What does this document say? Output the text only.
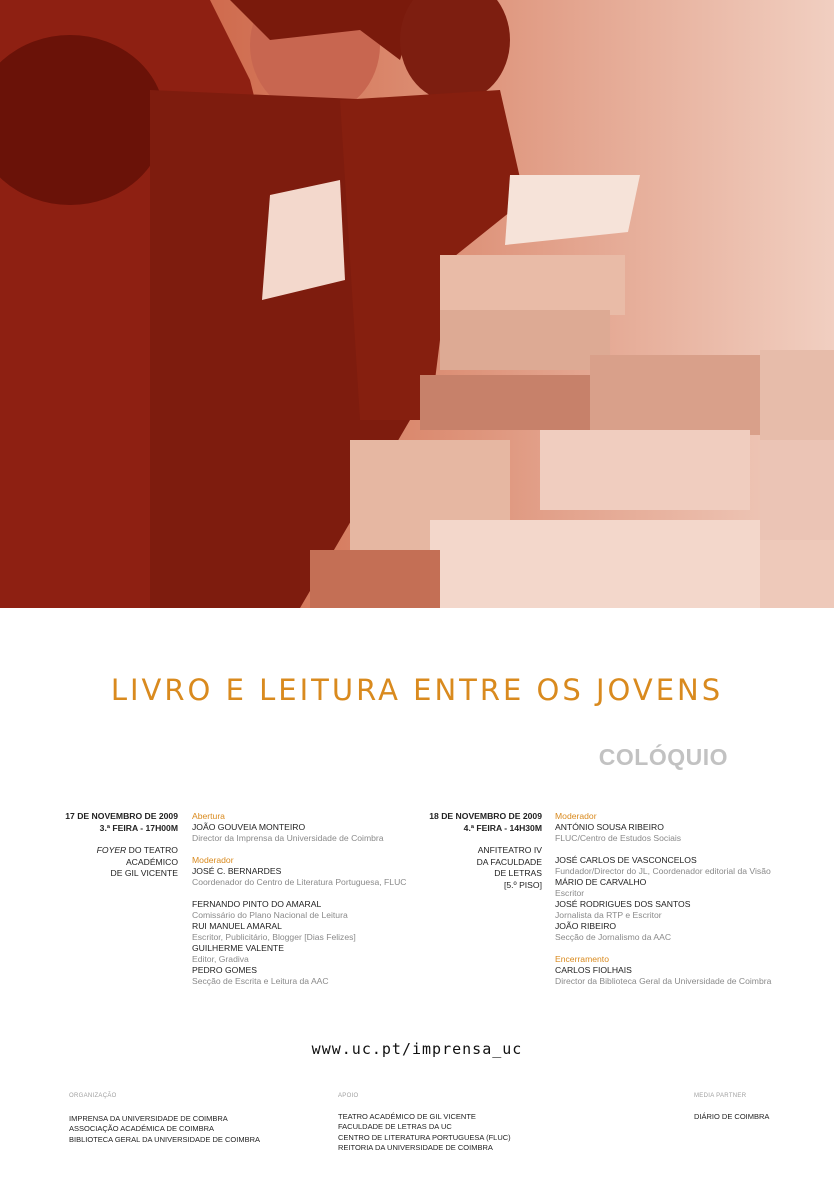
LIVRO E LEITURA ENTRE OS JOVENS
COLÓQUIO
17 DE NOVEMBRO DE 2009
3.ª FEIRA - 17H00M
FOYER DO TEATRO
ACADÉMICO
DE GIL VICENTE
Abertura
JOÃO GOUVEIA MONTEIRO
Director da Imprensa da Universidade de Coimbra
Moderador
JOSÉ C. BERNARDES
Coordenador do Centro de Literatura Portuguesa, FLUC
FERNANDO PINTO DO AMARAL
Comissário do Plano Nacional de Leitura
RUI MANUEL AMARAL
Escritor, Publicitário, Blogger [Dias Felizes]
GUILHERME VALENTE
Editor, Gradiva
PEDRO GOMES
Secção de Escrita e Leitura da AAC
18 DE NOVEMBRO DE 2009
4.ª FEIRA - 14H30M
ANFITEATRO IV
DA FACULDADE
DE LETRAS
[5.º PISO]
Moderador
ANTÓNIO SOUSA RIBEIRO
FLUC/Centro de Estudos Sociais
JOSÉ CARLOS DE VASCONCELOS
Fundador/Director do JL, Coordenador editorial da Visão
MÁRIO DE CARVALHO
Escritor
JOSÉ RODRIGUES DOS SANTOS
Jornalista da RTP e Escritor
JOÃO RIBEIRO
Secção de Jornalismo da AAC
Encerramento
CARLOS FIOLHAIS
Director da Biblioteca Geral da Universidade de Coimbra
www.uc.pt/imprensa_uc
ORGANIZAÇÃO
IMPRENSA DA UNIVERSIDADE DE COIMBRA
ASSOCIAÇÃO ACADÉMICA DE COIMBRA
BIBLIOTECA GERAL DA UNIVERSIDADE DE COIMBRA
APOIO
TEATRO ACADÉMICO DE GIL VICENTE
FACULDADE DE LETRAS DA UC
CENTRO DE LITERATURA PORTUGUESA (FLUC)
REITORIA DA UNIVERSIDADE DE COIMBRA
MEDIA PARTNER
DIÁRIO DE COIMBRA
